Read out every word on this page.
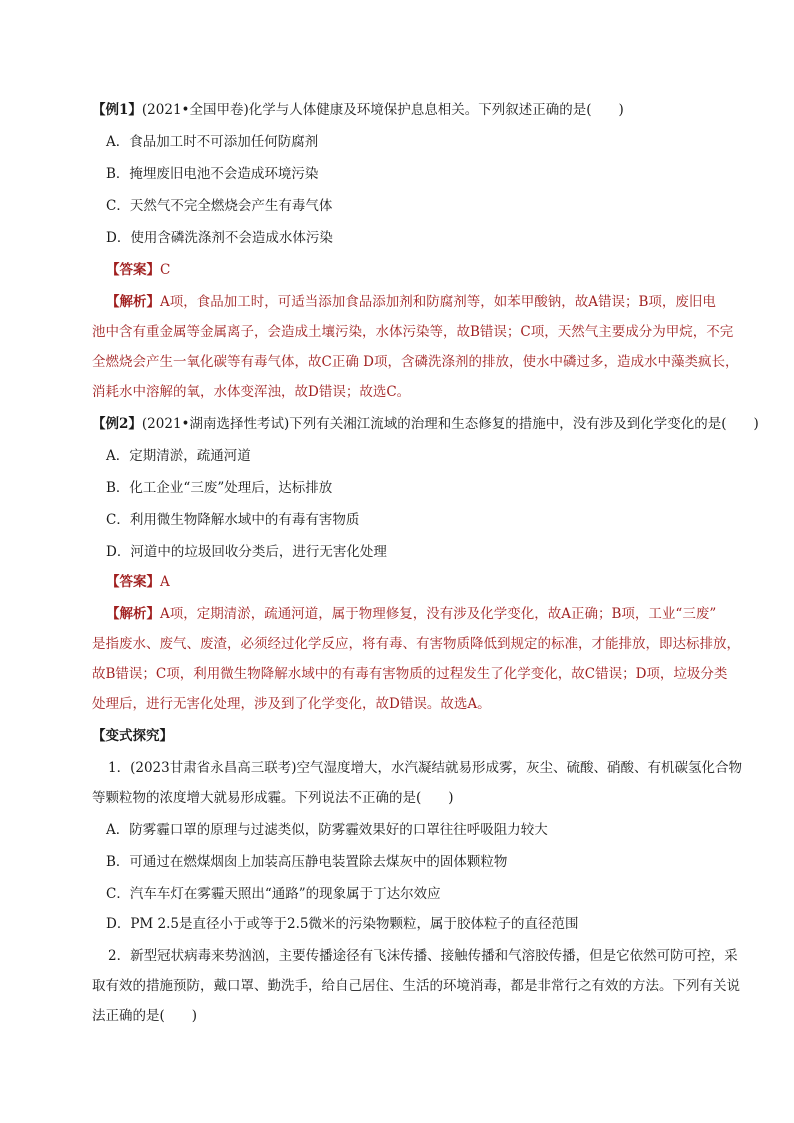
【例1】(2021•全国甲卷)化学与人体健康及环境保护息息相关。下列叙述正确的是(　　)
A．食品加工时不可添加任何防腐剂
B．掩埋废旧电池不会造成环境污染
C．天然气不完全燃烧会产生有毒气体
D．使用含磷洗涤剂不会造成水体污染
【答案】C
【解析】A项，食品加工时，可适当添加食品添加剂和防腐剂等，如苯甲酸钠，故A错误；B项，废旧电
池中含有重金属等金属离子，会造成土壤污染，水体污染等，故B错误；C项，天然气主要成分为甲烷，不完
全燃烧会产生一氧化碳等有毒气体，故C正确 D项，含磷洗涤剂的排放，使水中磷过多，造成水中藻类疯长，
消耗水中溶解的氧，水体变浑浊，故D错误；故选C。
【例2】(2021•湖南选择性考试)下列有关湘江流域的治理和生态修复的措施中，没有涉及到化学变化的是(　　)
A．定期清淤，疏通河道
B．化工企业“三废”处理后，达标排放
C．利用微生物降解水域中的有毒有害物质
D．河道中的垃圾回收分类后，进行无害化处理
【答案】A
【解析】A项，定期清淤，疏通河道，属于物理修复，没有涉及化学变化，故A正确；B项，工业“三废”
是指废水、废气、废渣，必须经过化学反应，将有毒、有害物质降低到规定的标准，才能排放，即达标排放，
故B错误；C项，利用微生物降解水域中的有毒有害物质的过程发生了化学变化，故C错误；D项，垃圾分类
处理后，进行无害化处理，涉及到了化学变化，故D错误。故选A。
【变式探究】
1．(2023甘肃省永昌高三联考)空气湿度增大，水汽凝结就易形成雾，灰尘、硫酸、硝酸、有机碳氢化合物
等颗粒物的浓度增大就易形成霾。下列说法不正确的是(　　)
A．防雾霾口罩的原理与过滤类似，防雾霾效果好的口罩往往呼吸阻力较大
B．可通过在燃煤烟囱上加装高压静电装置除去煤灰中的固体颗粒物
C．汽车车灯在雾霾天照出“通路”的现象属于丁达尔效应
D．PM 2.5是直径小于或等于2.5微米的污染物颗粒，属于胶体粒子的直径范围
2．新型冠状病毒来势汹汹，主要传播途径有飞沫传播、接触传播和气溶胶传播，但是它依然可防可控，采
取有效的措施预防，戴口罩、勤洗手，给自己居住、生活的环境消毒，都是非常行之有效的方法。下列有关说
法正确的是(　　)
